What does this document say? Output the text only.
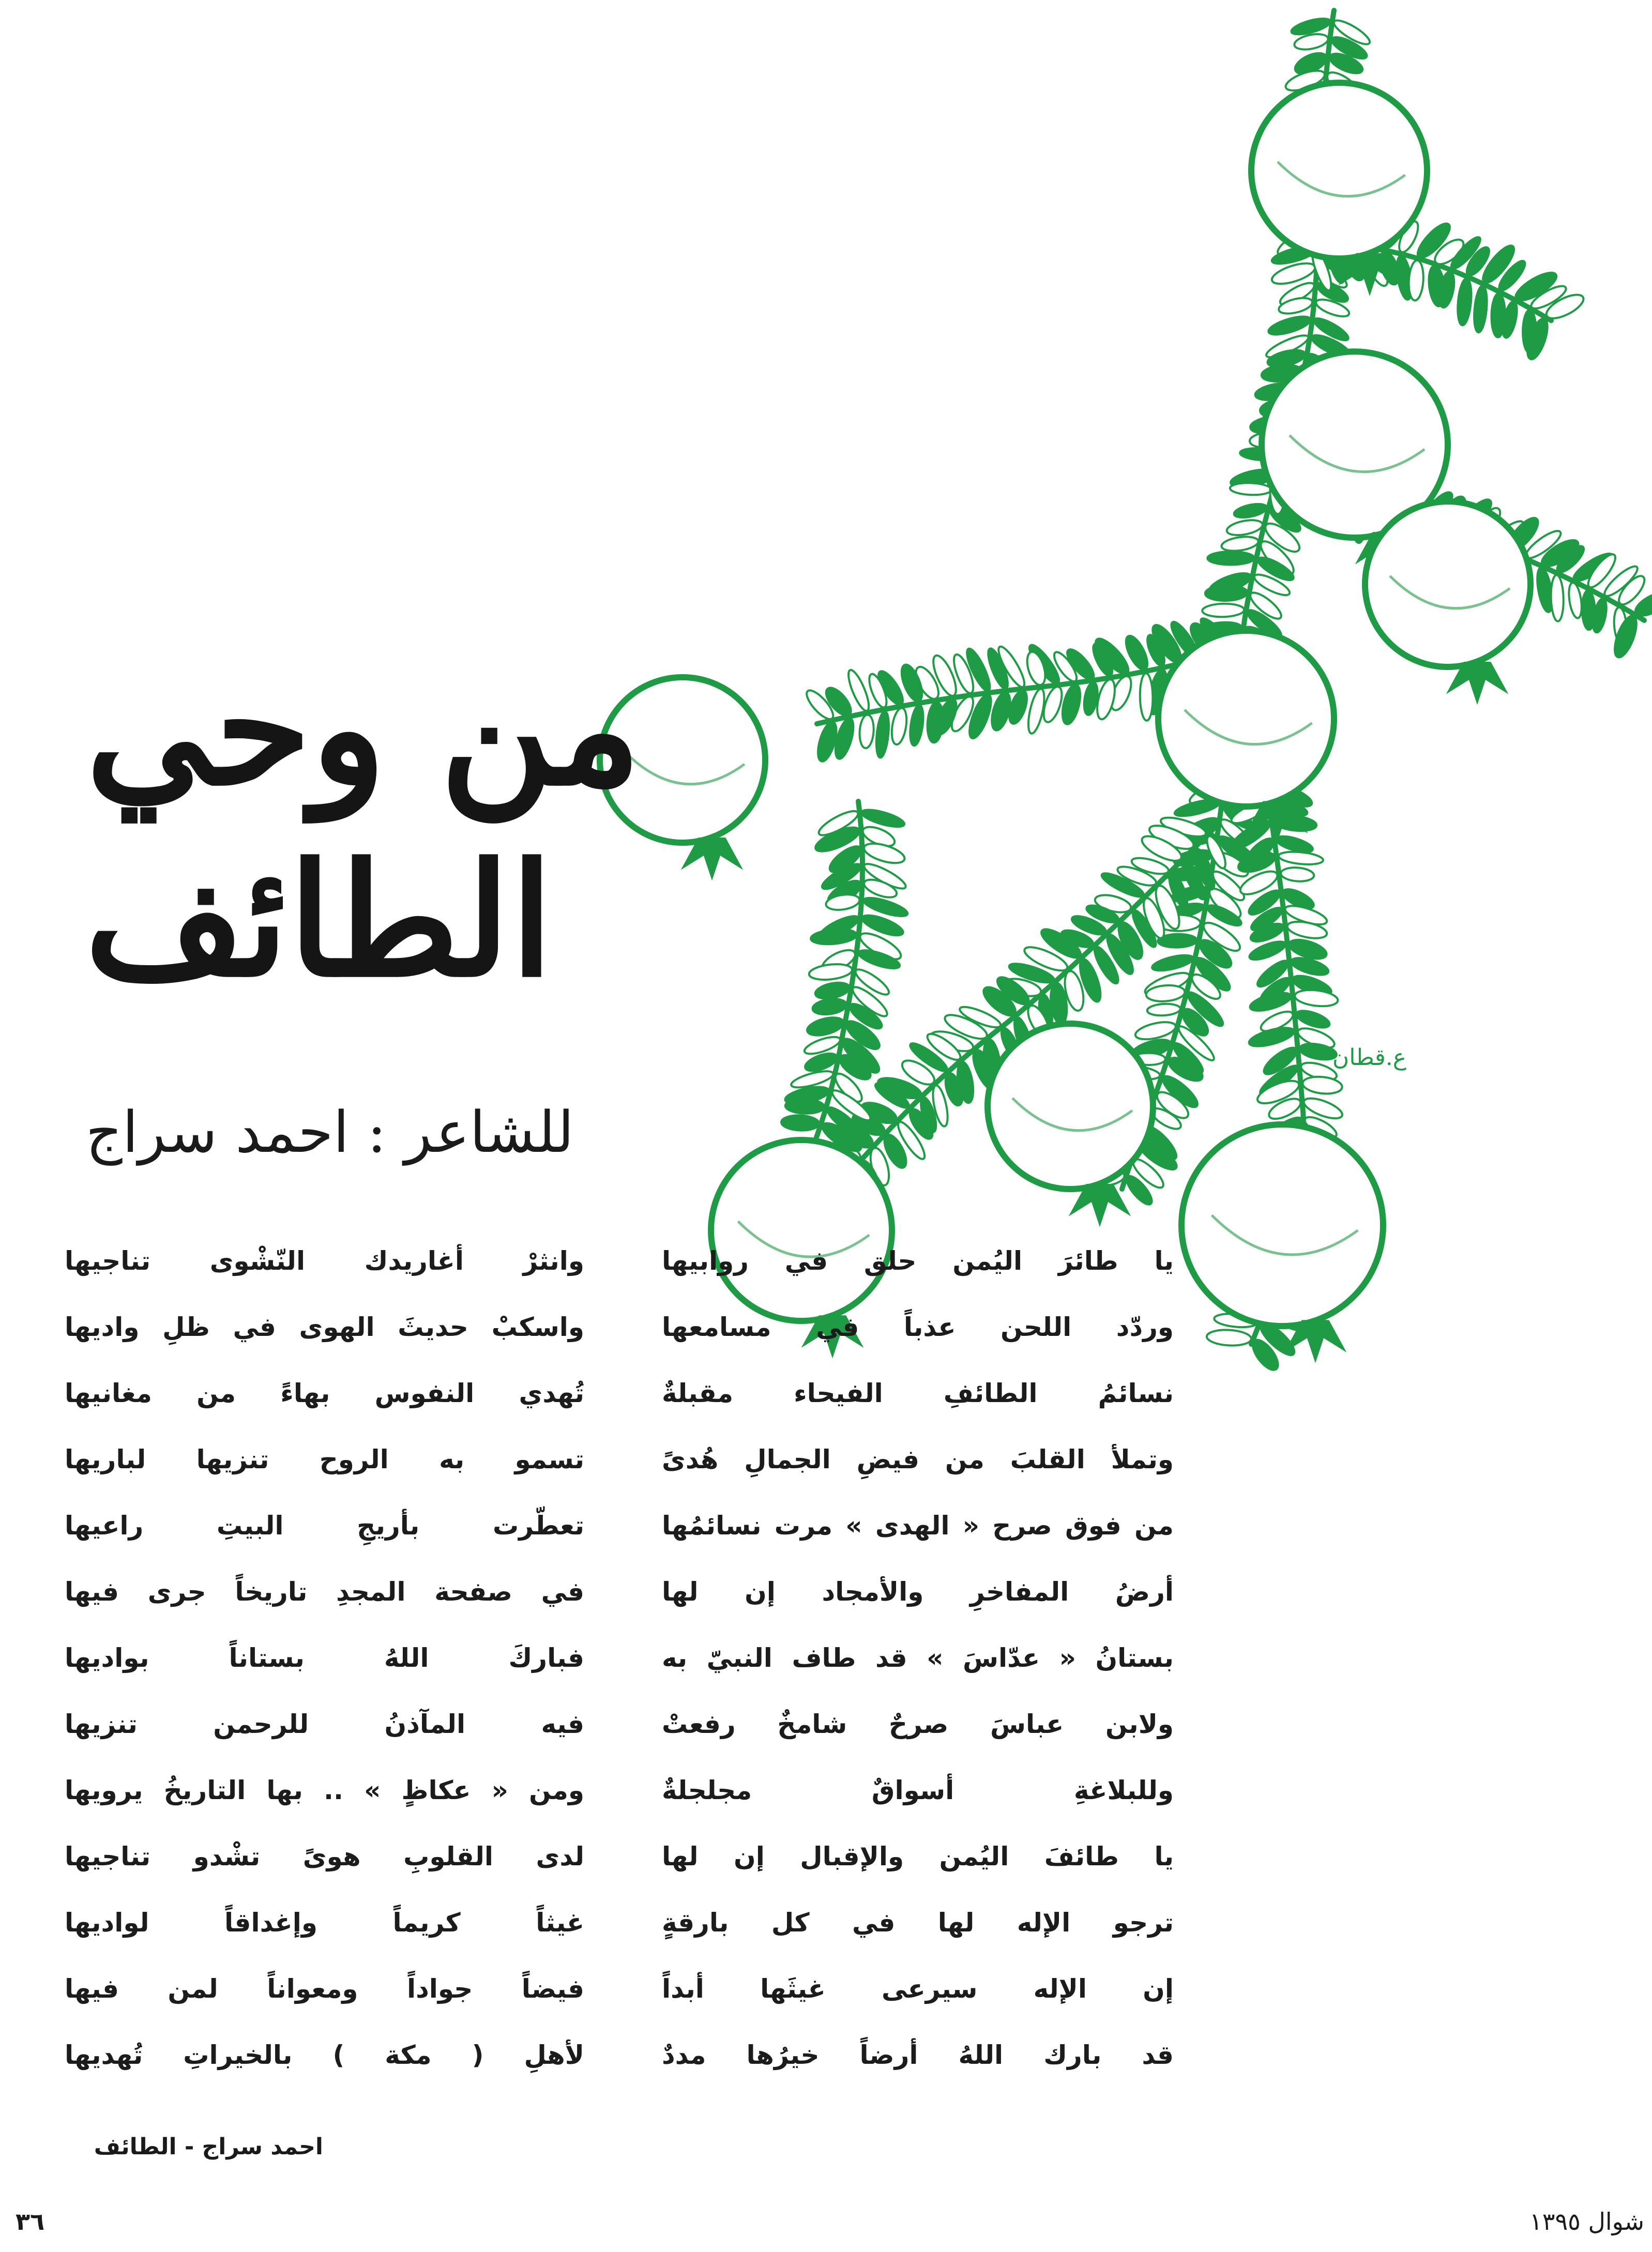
ع.قطان
من وحي
الطائف
للشاعر : احمد سراج
يا طائرَ اليُمن حلق في روابيها
وردّد اللحن عذباً في مسامعها
نسائمُ الطائفِ الفيحاء مقبلةٌ
وتملأ القلبَ من فيضِ الجمالِ هُدىً
من فوق صرح « الهدى » مرت نسائمُها
أرضُ المفاخرِ والأمجاد إن لها
بستانُ « عدّاسَ » قد طاف النبيّ به
ولابن عباسَ صرحٌ شامخٌ رفعتْ
وللبلاغةِ أسواقٌ مجلجلةٌ
يا طائفَ اليُمن والإقبال إن لها
ترجو الإله لها في كل بارقةٍ
إن الإله سيرعى غيثَها أبداً
قد بارك اللهُ أرضاً خيرُها مددٌ
وانثرْ أغاريدك النّشْوى تناجيها
واسكبْ حديثَ الهوى في ظلِ واديها
تُهدي النفوس بهاءً من مغانيها
تسمو به الروح تنزيها لباريها
تعطّرت بأريجِ البيتِ راعيها
في صفحة المجدِ تاريخاً جرى فيها
فباركَ اللهُ بستاناً بواديها
فيه المآذنُ للرحمن تنزيها
ومن « عكاظٍ » .. بها التاريخُ يرويها
لدى القلوبِ هوىً تشْدو تناجيها
غيثاً كريماً وإغداقاً لواديها
فيضاً جواداً ومعواناً لمن فيها
لأهلِ ( مكة ) بالخيراتِ تُهديها
احمد سراج - الطائف
٣٦	شوال ١٣٩٥
